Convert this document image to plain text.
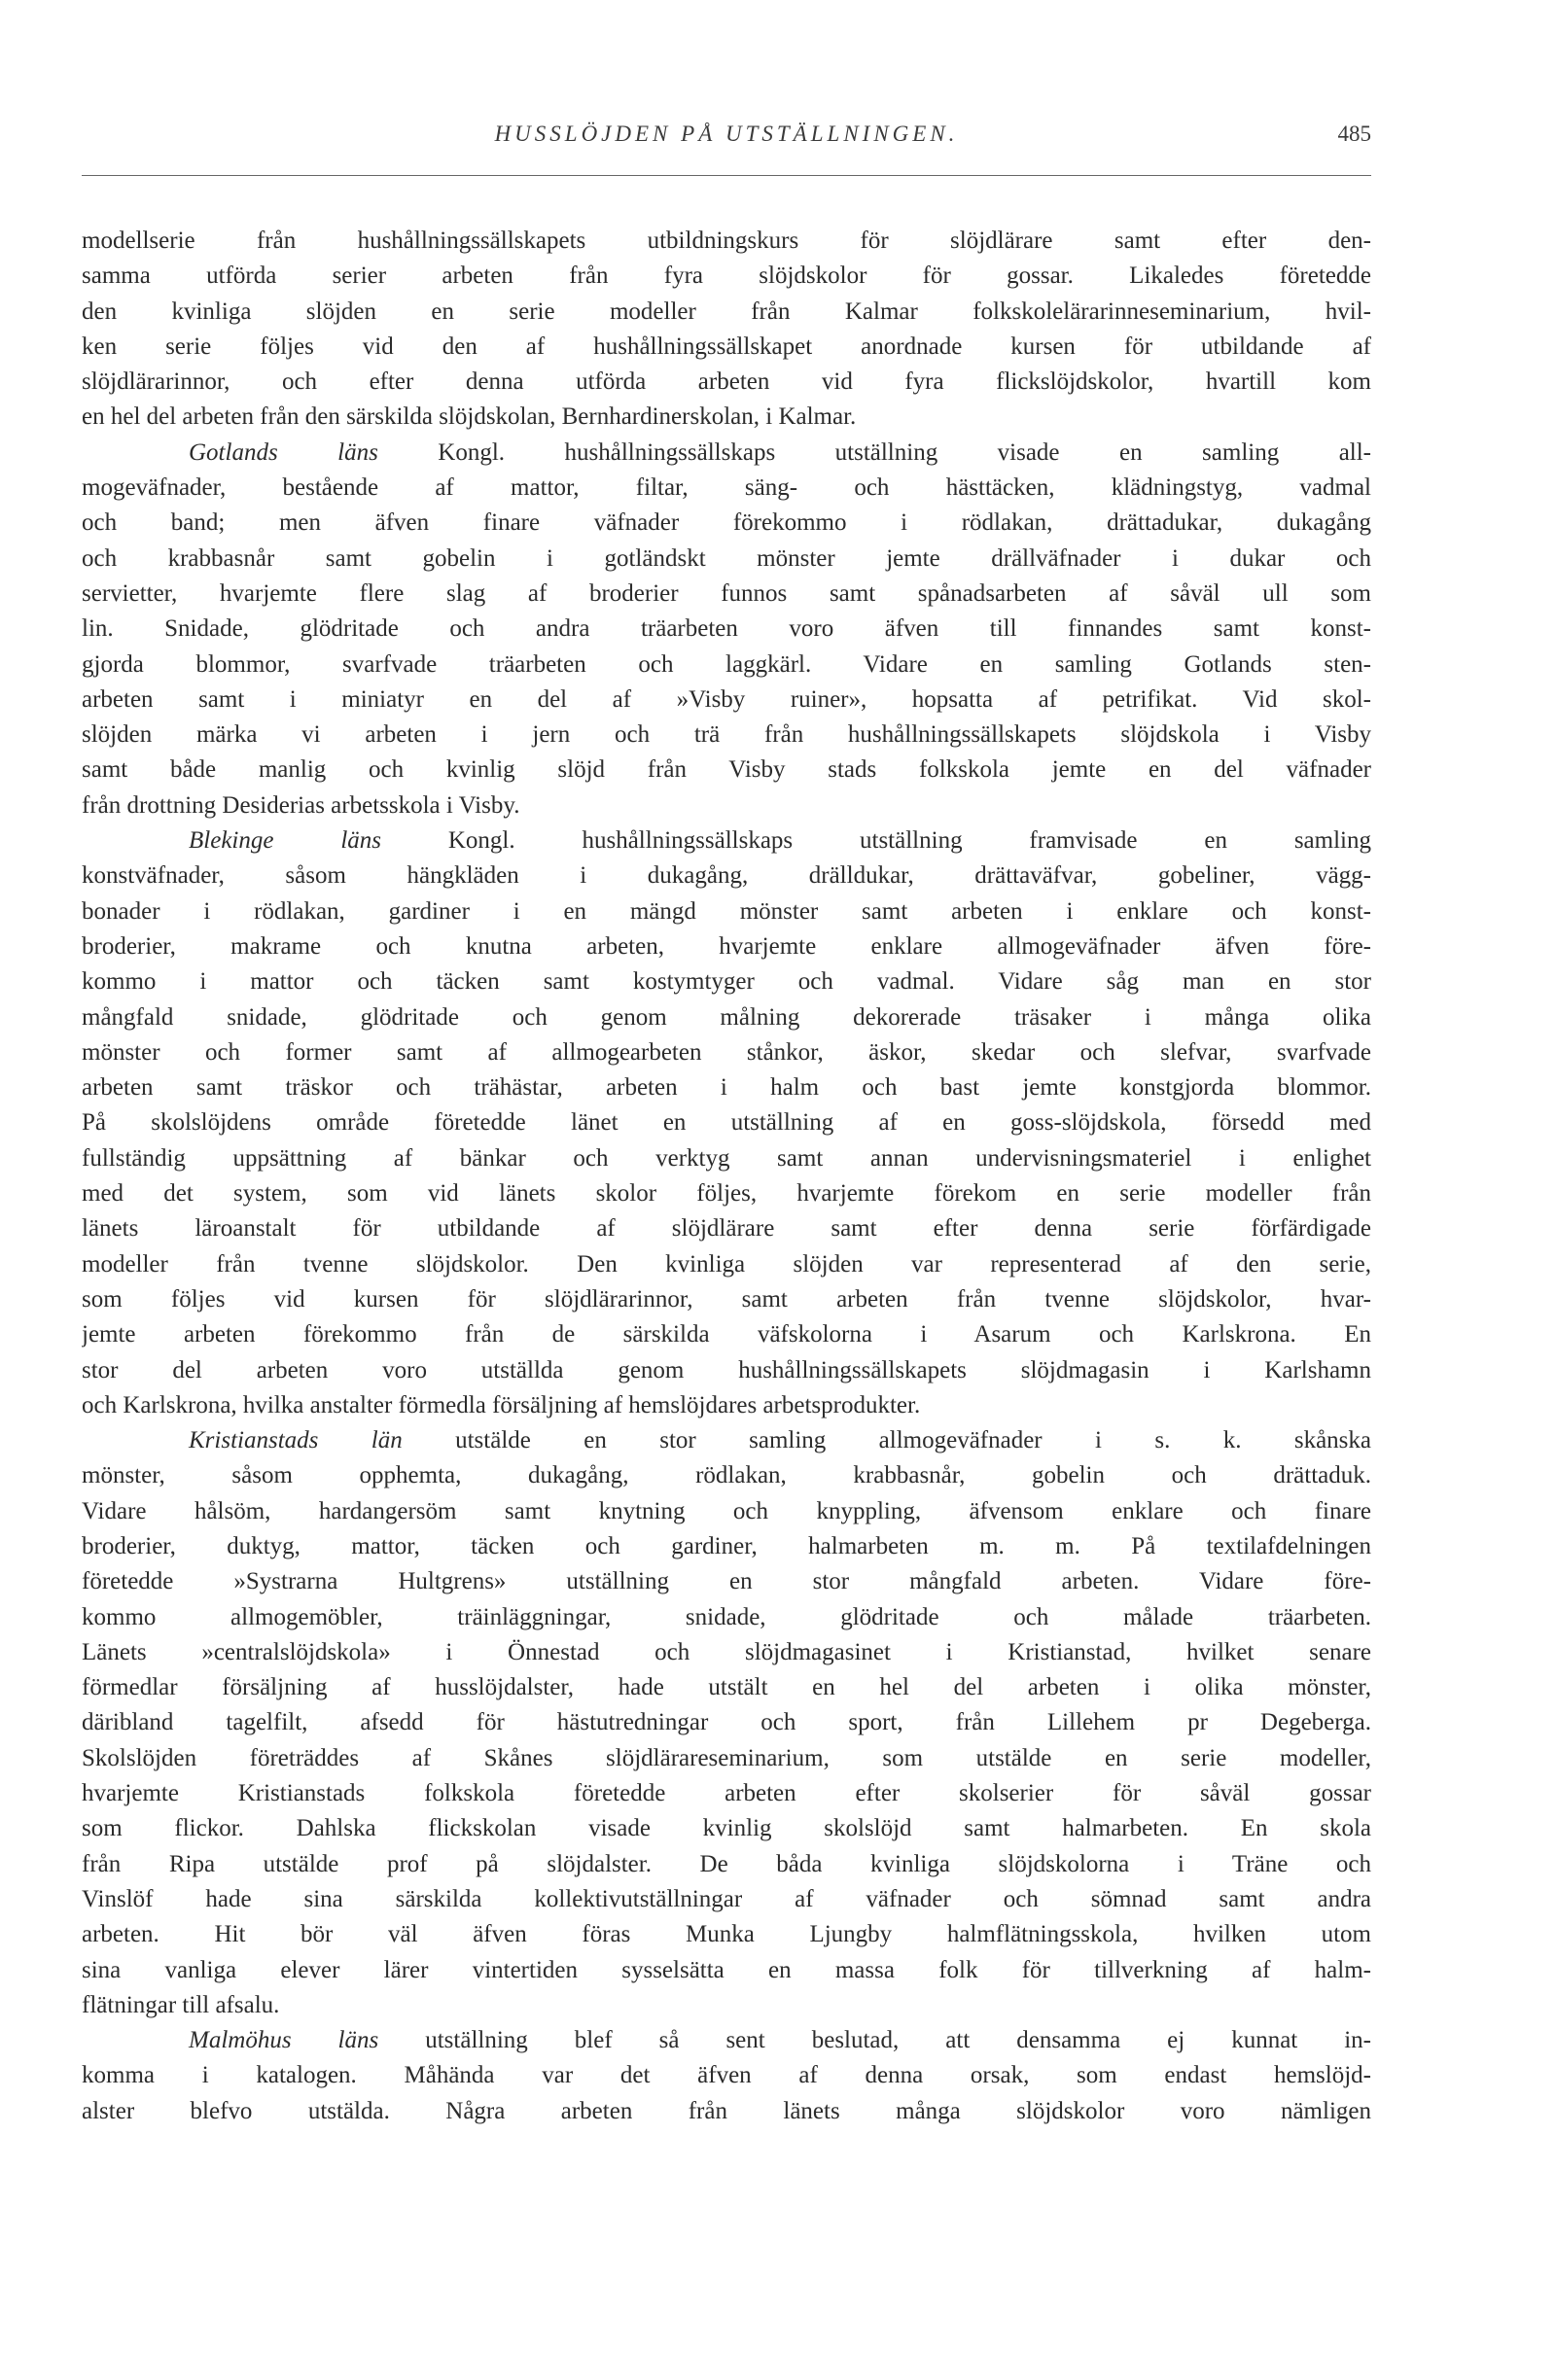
HUSSLÖJDEN PÅ UTSTÄLLNINGEN.	485
modellserie från hushållningssällskapets utbildningskurs för slöjdlärare samt efter den-
samma utförda serier arbeten från fyra slöjdskolor för gossar. Likaledes företedde
den kvinliga slöjden en serie modeller från Kalmar folkskolelärarinneseminarium, hvil-
ken serie följes vid den af hushållningssällskapet anordnade kursen för utbildande af
slöjdlärarinnor, och efter denna utförda arbeten vid fyra flickslöjdskolor, hvartill kom
en hel del arbeten från den särskilda slöjdskolan, Bernhardinerskolan, i Kalmar.
Gotlands läns Kongl. hushållningssällskaps utställning visade en samling all-
mogeväfnader, bestående af mattor, filtar, säng- och hästtäcken, klädningstyg, vadmal
och band; men äfven finare väfnader förekommo i rödlakan, drättadukar, dukagång
och krabbasnår samt gobelin i gotländskt mönster jemte drällväfnader i dukar och
servietter, hvarjemte flere slag af broderier funnos samt spånadsarbeten af såväl ull som
lin. Snidade, glödritade och andra träarbeten voro äfven till finnandes samt konst-
gjorda blommor, svarfvade träarbeten och laggkärl. Vidare en samling Gotlands sten-
arbeten samt i miniatyr en del af »Visby ruiner», hopsatta af petrifikat. Vid skol-
slöjden märka vi arbeten i jern och trä från hushållningssällskapets slöjdskola i Visby
samt både manlig och kvinlig slöjd från Visby stads folkskola jemte en del väfnader
från drottning Desiderias arbetsskola i Visby.
Blekinge läns Kongl. hushållningssällskaps utställning framvisade en samling
konstväfnader, såsom hängkläden i dukagång, drälldukar, drättaväfvar, gobeliner, vägg-
bonader i rödlakan, gardiner i en mängd mönster samt arbeten i enklare och konst-
broderier, makrame och knutna arbeten, hvarjemte enklare allmogeväfnader äfven före-
kommo i mattor och täcken samt kostymtyger och vadmal. Vidare såg man en stor
mångfald snidade, glödritade och genom målning dekorerade träsaker i många olika
mönster och former samt af allmogearbeten stånkor, äskor, skedar och slefvar, svarfvade
arbeten samt träskor och trähästar, arbeten i halm och bast jemte konstgjorda blommor.
På skolslöjdens område företedde länet en utställning af en goss-slöjdskola, försedd med
fullständig uppsättning af bänkar och verktyg samt annan undervisningsmateriel i enlighet
med det system, som vid länets skolor följes, hvarjemte förekom en serie modeller från
länets läroanstalt för utbildande af slöjdlärare samt efter denna serie förfärdigade
modeller från tvenne slöjdskolor. Den kvinliga slöjden var representerad af den serie,
som följes vid kursen för slöjdlärarinnor, samt arbeten från tvenne slöjdskolor, hvar-
jemte arbeten förekommo från de särskilda väfskolorna i Asarum och Karlskrona. En
stor del arbeten voro utställda genom hushållningssällskapets slöjdmagasin i Karlshamn
och Karlskrona, hvilka anstalter förmedla försäljning af hemslöjdares arbetsprodukter.
Kristianstads län utstälde en stor samling allmogeväfnader i s. k. skånska
mönster, såsom opphemta, dukagång, rödlakan, krabbasnår, gobelin och drättaduk.
Vidare hålsöm, hardangersöm samt knytning och knyppling, äfvensom enklare och finare
broderier, duktyg, mattor, täcken och gardiner, halmarbeten m. m. På textilafdelningen
företedde »Systrarna Hultgrens» utställning en stor mångfald arbeten. Vidare före-
kommo allmogemöbler, träinläggningar, snidade, glödritade och målade träarbeten.
Länets »centralslöjdskola» i Önnestad och slöjdmagasinet i Kristianstad, hvilket senare
förmedlar försäljning af husslöjdalster, hade utstält en hel del arbeten i olika mönster,
däribland tagelfilt, afsedd för hästutredningar och sport, från Lillehem pr Degeberga.
Skolslöjden företräddes af Skånes slöjdlärareseminarium, som utstälde en serie modeller,
hvarjemte Kristianstads folkskola företedde arbeten efter skolserier för såväl gossar
som flickor. Dahlska flickskolan visade kvinlig skolslöjd samt halmarbeten. En skola
från Ripa utstälde prof på slöjdalster. De båda kvinliga slöjdskolorna i Träne och
Vinslöf hade sina särskilda kollektivutställningar af väfnader och sömnad samt andra
arbeten. Hit bör väl äfven föras Munka Ljungby halmflätningsskola, hvilken utom
sina vanliga elever lärer vintertiden sysselsätta en massa folk för tillverkning af halm-
flätningar till afsalu.
Malmöhus läns utställning blef så sent beslutad, att densamma ej kunnat in-
komma i katalogen. Måhända var det äfven af denna orsak, som endast hemslöjd-
alster blefvo utstälda. Några arbeten från länets många slöjdskolor voro nämligen
